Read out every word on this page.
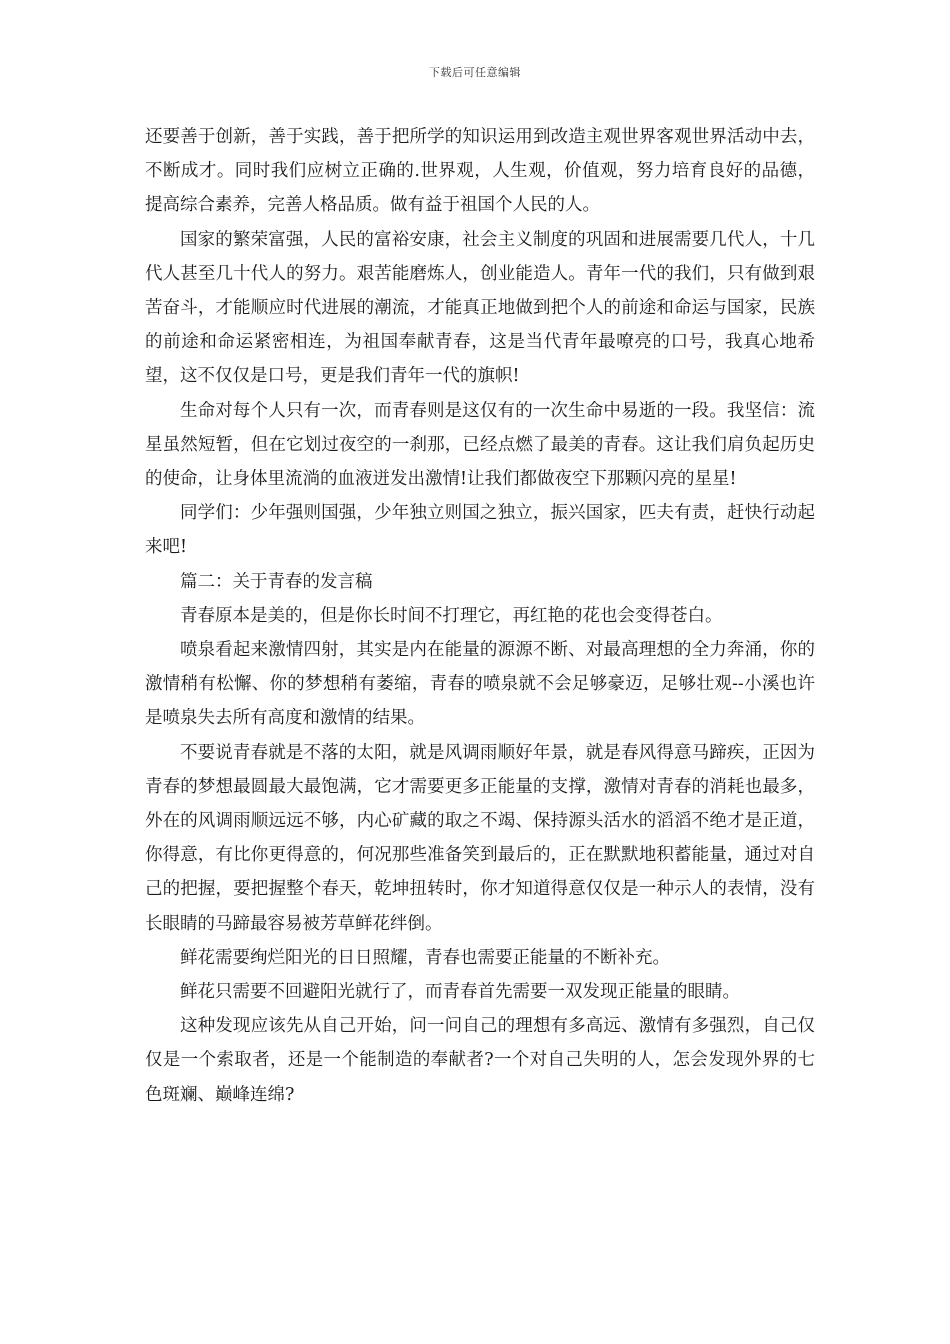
下载后可任意编辑

还要善于创新，善于实践，善于把所学的知识运用到改造主观世界客观世界活动中去，不断成才。同时我们应树立正确的.世界观，人生观，价值观，努力培育良好的品德，提高综合素养，完善人格品质。做有益于祖国个人民的人。

国家的繁荣富强，人民的富裕安康，社会主义制度的巩固和进展需要几代人，十几代人甚至几十代人的努力。艰苦能磨炼人，创业能造人。青年一代的我们，只有做到艰苦奋斗，才能顺应时代进展的潮流，才能真正地做到把个人的前途和命运与国家，民族的前途和命运紧密相连，为祖国奉献青春，这是当代青年最嘹亮的口号，我真心地希望，这不仅仅是口号，更是我们青年一代的旗帜!

生命对每个人只有一次，而青春则是这仅有的一次生命中易逝的一段。我坚信：流星虽然短暂，但在它划过夜空的一刹那，已经点燃了最美的青春。这让我们肩负起历史的使命，让身体里流淌的血液迸发出激情!让我们都做夜空下那颗闪亮的星星!

同学们：少年强则国强，少年独立则国之独立，振兴国家，匹夫有责，赶快行动起来吧!

篇二：关于青春的发言稿

青春原本是美的，但是你长时间不打理它，再红艳的花也会变得苍白。

喷泉看起来激情四射，其实是内在能量的源源不断、对最高理想的全力奔涌，你的激情稍有松懈、你的梦想稍有萎缩，青春的喷泉就不会足够豪迈，足够壮观--小溪也许是喷泉失去所有高度和激情的结果。

不要说青春就是不落的太阳，就是风调雨顺好年景，就是春风得意马蹄疾，正因为青春的梦想最圆最大最饱满，它才需要更多正能量的支撑，激情对青春的消耗也最多，外在的风调雨顺远远不够，内心矿藏的取之不竭、保持源头活水的滔滔不绝才是正道，你得意，有比你更得意的，何况那些准备笑到最后的，正在默默地积蓄能量，通过对自己的把握，要把握整个春天，乾坤扭转时，你才知道得意仅仅是一种示人的表情，没有长眼睛的马蹄最容易被芳草鲜花绊倒。

鲜花需要绚烂阳光的日日照耀，青春也需要正能量的不断补充。

鲜花只需要不回避阳光就行了，而青春首先需要一双发现正能量的眼睛。

这种发现应该先从自己开始，问一问自己的理想有多高远、激情有多强烈，自己仅仅是一个索取者，还是一个能制造的奉献者?一个对自己失明的人，怎会发现外界的七色斑斓、巅峰连绵?
